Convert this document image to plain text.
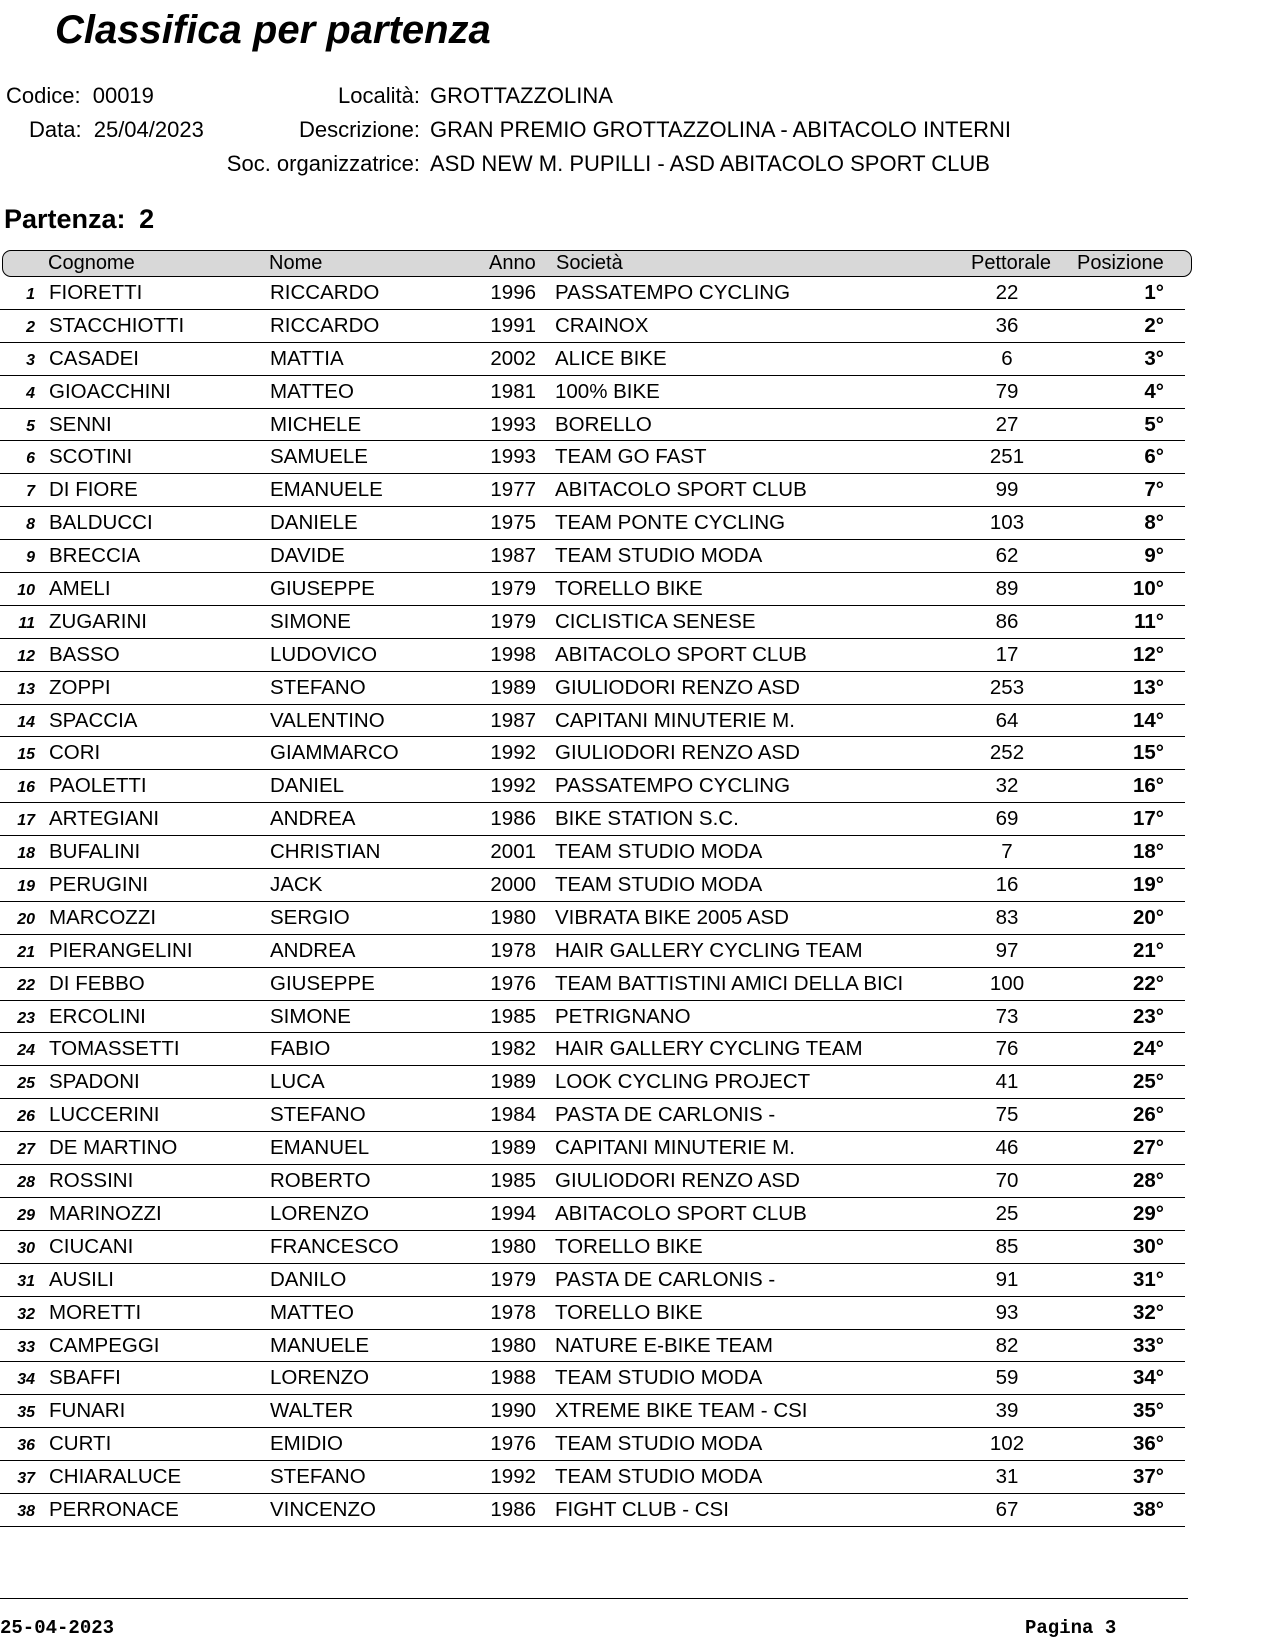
Classifica per partenza
Codice: 00019
Data: 25/04/2023
Località: GROTTAZZOLINA
Descrizione: GRAN PREMIO GROTTAZZOLINA - ABITACOLO INTERNI
Soc. organizzatrice: ASD NEW M. PUPILLI - ASD ABITACOLO SPORT CLUB
Partenza: 2
Cognome	Nome	Anno Società	Pettorale Posizione
1 FIORETTI	RICCARDO	1996 PASSATEMPO CYCLING	22	1°
2 STACCHIOTTI	RICCARDO	1991 CRAINOX	36	2°
3 CASADEI	MATTIA	2002 ALICE BIKE	6	3°
4 GIOACCHINI	MATTEO	1981 100% BIKE	79	4°
5 SENNI	MICHELE	1993 BORELLO	27	5°
6 SCOTINI	SAMUELE	1993 TEAM GO FAST	251	6°
7 DI FIORE	EMANUELE	1977 ABITACOLO SPORT CLUB	99	7°
8 BALDUCCI	DANIELE	1975 TEAM PONTE CYCLING	103	8°
9 BRECCIA	DAVIDE	1987 TEAM STUDIO MODA	62	9°
10 AMELI	GIUSEPPE	1979 TORELLO BIKE	89	10°
11 ZUGARINI	SIMONE	1979 CICLISTICA SENESE	86	11°
12 BASSO	LUDOVICO	1998 ABITACOLO SPORT CLUB	17	12°
13 ZOPPI	STEFANO	1989 GIULIODORI RENZO ASD	253	13°
14 SPACCIA	VALENTINO	1987 CAPITANI MINUTERIE M.	64	14°
15 CORI	GIAMMARCO	1992 GIULIODORI RENZO ASD	252	15°
16 PAOLETTI	DANIEL	1992 PASSATEMPO CYCLING	32	16°
17 ARTEGIANI	ANDREA	1986 BIKE STATION S.C.	69	17°
18 BUFALINI	CHRISTIAN	2001 TEAM STUDIO MODA	7	18°
19 PERUGINI	JACK	2000 TEAM STUDIO MODA	16	19°
20 MARCOZZI	SERGIO	1980 VIBRATA BIKE 2005 ASD	83	20°
21 PIERANGELINI	ANDREA	1978 HAIR GALLERY CYCLING TEAM	97	21°
22 DI FEBBO	GIUSEPPE	1976 TEAM BATTISTINI AMICI DELLA BICI	100	22°
23 ERCOLINI	SIMONE	1985 PETRIGNANO	73	23°
24 TOMASSETTI	FABIO	1982 HAIR GALLERY CYCLING TEAM	76	24°
25 SPADONI	LUCA	1989 LOOK CYCLING PROJECT	41	25°
26 LUCCERINI	STEFANO	1984 PASTA DE CARLONIS -	75	26°
27 DE MARTINO	EMANUEL	1989 CAPITANI MINUTERIE M.	46	27°
28 ROSSINI	ROBERTO	1985 GIULIODORI RENZO ASD	70	28°
29 MARINOZZI	LORENZO	1994 ABITACOLO SPORT CLUB	25	29°
30 CIUCANI	FRANCESCO	1980 TORELLO BIKE	85	30°
31 AUSILI	DANILO	1979 PASTA DE CARLONIS -	91	31°
32 MORETTI	MATTEO	1978 TORELLO BIKE	93	32°
33 CAMPEGGI	MANUELE	1980 NATURE E-BIKE TEAM	82	33°
34 SBAFFI	LORENZO	1988 TEAM STUDIO MODA	59	34°
35 FUNARI	WALTER	1990 XTREME BIKE TEAM - CSI	39	35°
36 CURTI	EMIDIO	1976 TEAM STUDIO MODA	102	36°
37 CHIARALUCE	STEFANO	1992 TEAM STUDIO MODA	31	37°
38 PERRONACE	VINCENZO	1986 FIGHT CLUB - CSI	67	38°
25-04-2023	Pagina 3
